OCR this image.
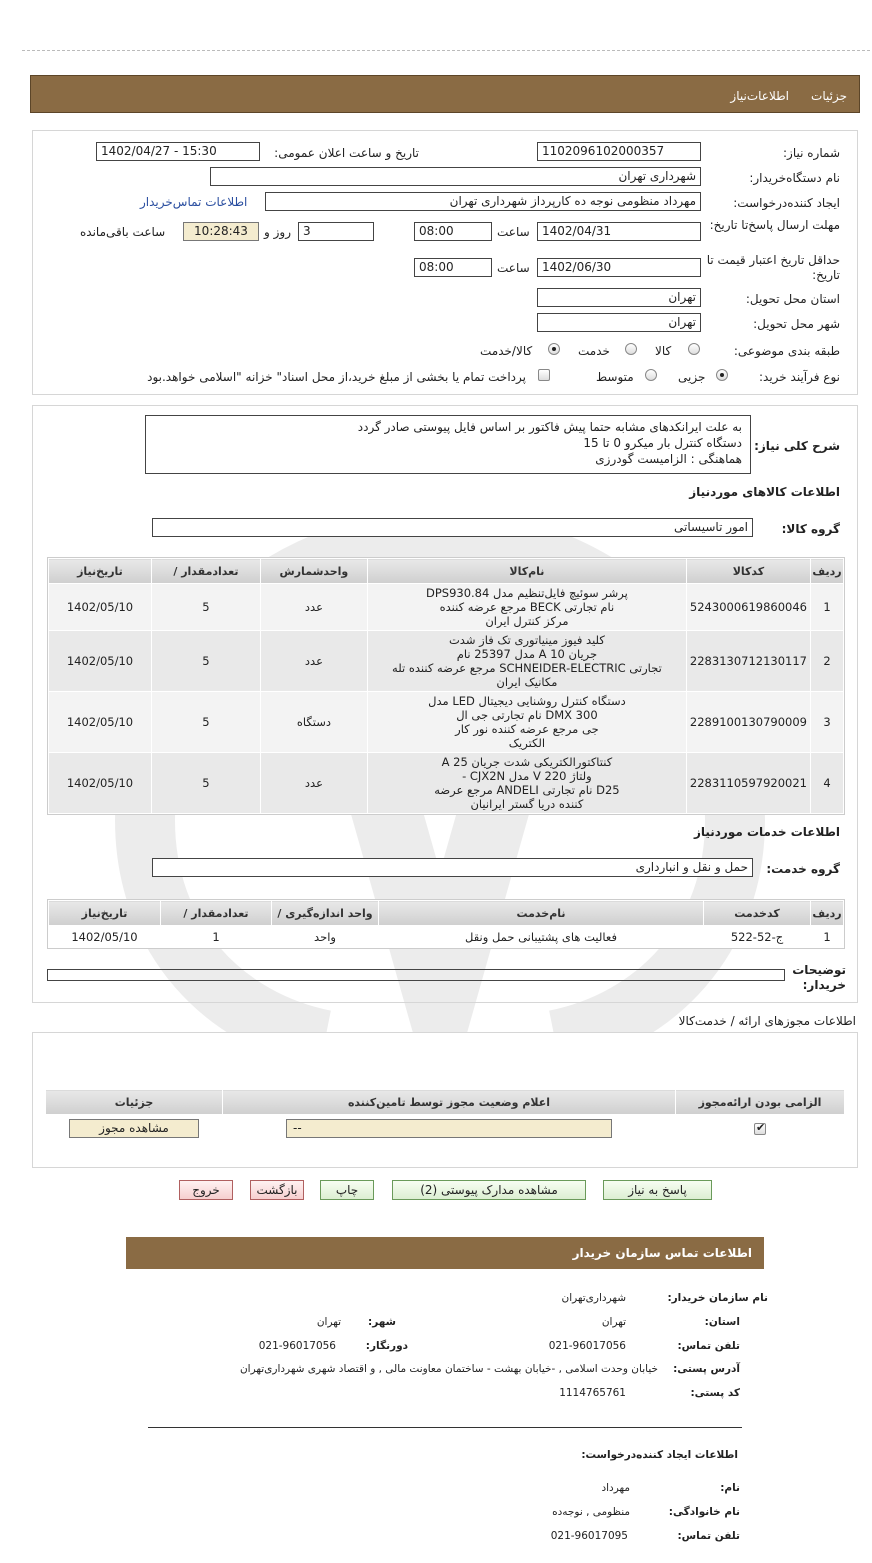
جزئیات
اطلاعات‌نیاز
شماره نیاز:
1102096102000357
تاریخ و ساعت اعلان عمومی:
1402/04/27 - 15:30
نام دستگاه‌خریدار:
شهرداری تهران
ایجاد کننده‌درخواست:
مهرداد منظومی نوجه ده کارپرداز شهرداری تهران
اطلاعات تماس‌خریدار
مهلت ارسال پاسخ‌تا تاریخ:
1402/04/31
ساعت
08:00
3
روز و
10:28:43
ساعت باقی‌مانده
حداقل تاریخ اعتبار قیمت تا تاریخ:
1402/06/30
ساعت
08:00
استان محل تحویل:
تهران
شهر محل تحویل:
تهران
طبقه بندی موضوعی:
کالا
خدمت
کالا/خدمت
نوع فرآیند خرید:
جزیی
متوسط
پرداخت تمام یا بخشی از مبلغ خرید،از محل اسناد" خزانه "اسلامی خواهد.بود
شرح کلی نیاز:
به علت ایرانکدهای مشابه حتما پیش فاکتور بر اساس فایل پیوستی صادر گردد
دستگاه کنترل بار میکرو 0 تا 15
هماهنگی : الزامیست گودرزی
اطلاعات کالاهای موردنیاز
گروه کالا:
امور تاسیساتی
ردیف	کدکالا	نام‌کالا	واحدشمارش	تعدادمقدار /	تاریخ‌نیاز
1	5243000619860046	پرشر سوئیچ فایل‌تنظیم مدل DPS930.84
نام تجارتی BECK مرجع عرضه کننده
مرکز کنترل ایران	عدد	5	1402/05/10
2	2283130712130117	کلید فیوز مینیاتوری تک فاز شدت
جریان 10 A مدل 25397 نام
تجارتی SCHNEIDER-ELECTRIC مرجع عرضه کننده تله
مکانیک ایران	عدد	5	1402/05/10
3	2289100130790009	دستگاه کنترل روشنایی دیجیتال LED مدل
DMX 300 نام تجارتی جی ال
جی مرجع عرضه کننده نور کار
الکتریک	دستگاه	5	1402/05/10
4	2283110597920021	کنتاکتورالکتریکی شدت جریان 25 A
ولتاژ 220 V مدل CJX2N -
D25 نام تجارتی ANDELI مرجع عرضه
کننده دریا گستر ایرانیان	عدد	5	1402/05/10
اطلاعات خدمات موردنیاز
گروه خدمت:
حمل و نقل و انبارداری
ردیف	کدخدمت	نام‌خدمت	واحد اندازه‌گیری /	تعدادمقدار /	تاریخ‌نیاز
1	ج-52-522	فعالیت های پشتیبانی حمل ونقل	واحد	1	1402/05/10
توضیحات خریدار:
اطلاعات مجوزهای ارائه / خدمت‌کالا
الزامی بودن ارائه‌مجوز	اعلام وضعیت مجوز توسط تامین‌کننده	جزئیات

✔	--	مشاهده مجوز
پاسخ به نیاز
مشاهده مدارک پیوستی (2)
چاپ
بازگشت
خروج
اطلاعات تماس سازمان خریدار
نام سازمان خریدار:
شهرداری‌تهران
استان:
تهران
شهر:
تهران
تلفن تماس:
021-96017056
دورنگار:
021-96017056
آدرس پستی:
خیابان وحدت اسلامی , -خیابان بهشت - ساختمان معاونت مالی , و اقتصاد شهری شهرداری‌تهران
کد پستی:
1114765761
اطلاعات ایجاد کننده‌درخواست:
نام:
مهرداد
نام خانوادگی:
منظومی , نوجه‌ده
تلفن تماس:
021-96017095
